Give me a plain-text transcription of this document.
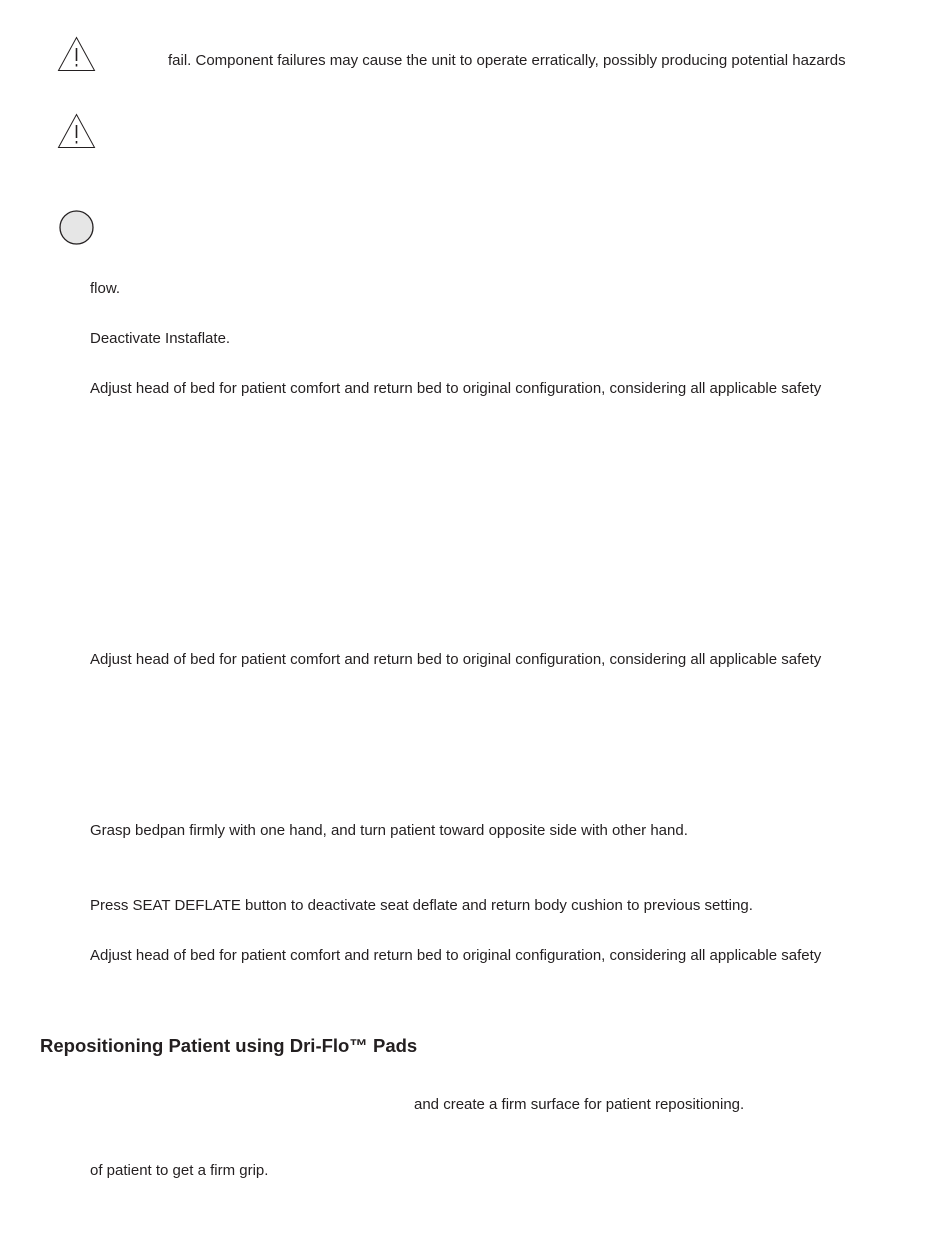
fail. Component failures may cause the unit to operate erratically, possibly producing potential hazards
flow.
Deactivate Instaflate.
Adjust head of bed for patient comfort and return bed to original configuration, considering all applicable safety
Adjust head of bed for patient comfort and return bed to original configuration, considering all applicable safety
Grasp bedpan firmly with one hand, and turn patient toward opposite side with other hand.
Press SEAT DEFLATE button to deactivate seat deflate and return body cushion to previous setting.
Adjust head of bed for patient comfort and return bed to original configuration, considering all applicable safety
Repositioning Patient using Dri-Flo™ Pads
and create a firm surface for patient repositioning.
of patient to get a firm grip.
